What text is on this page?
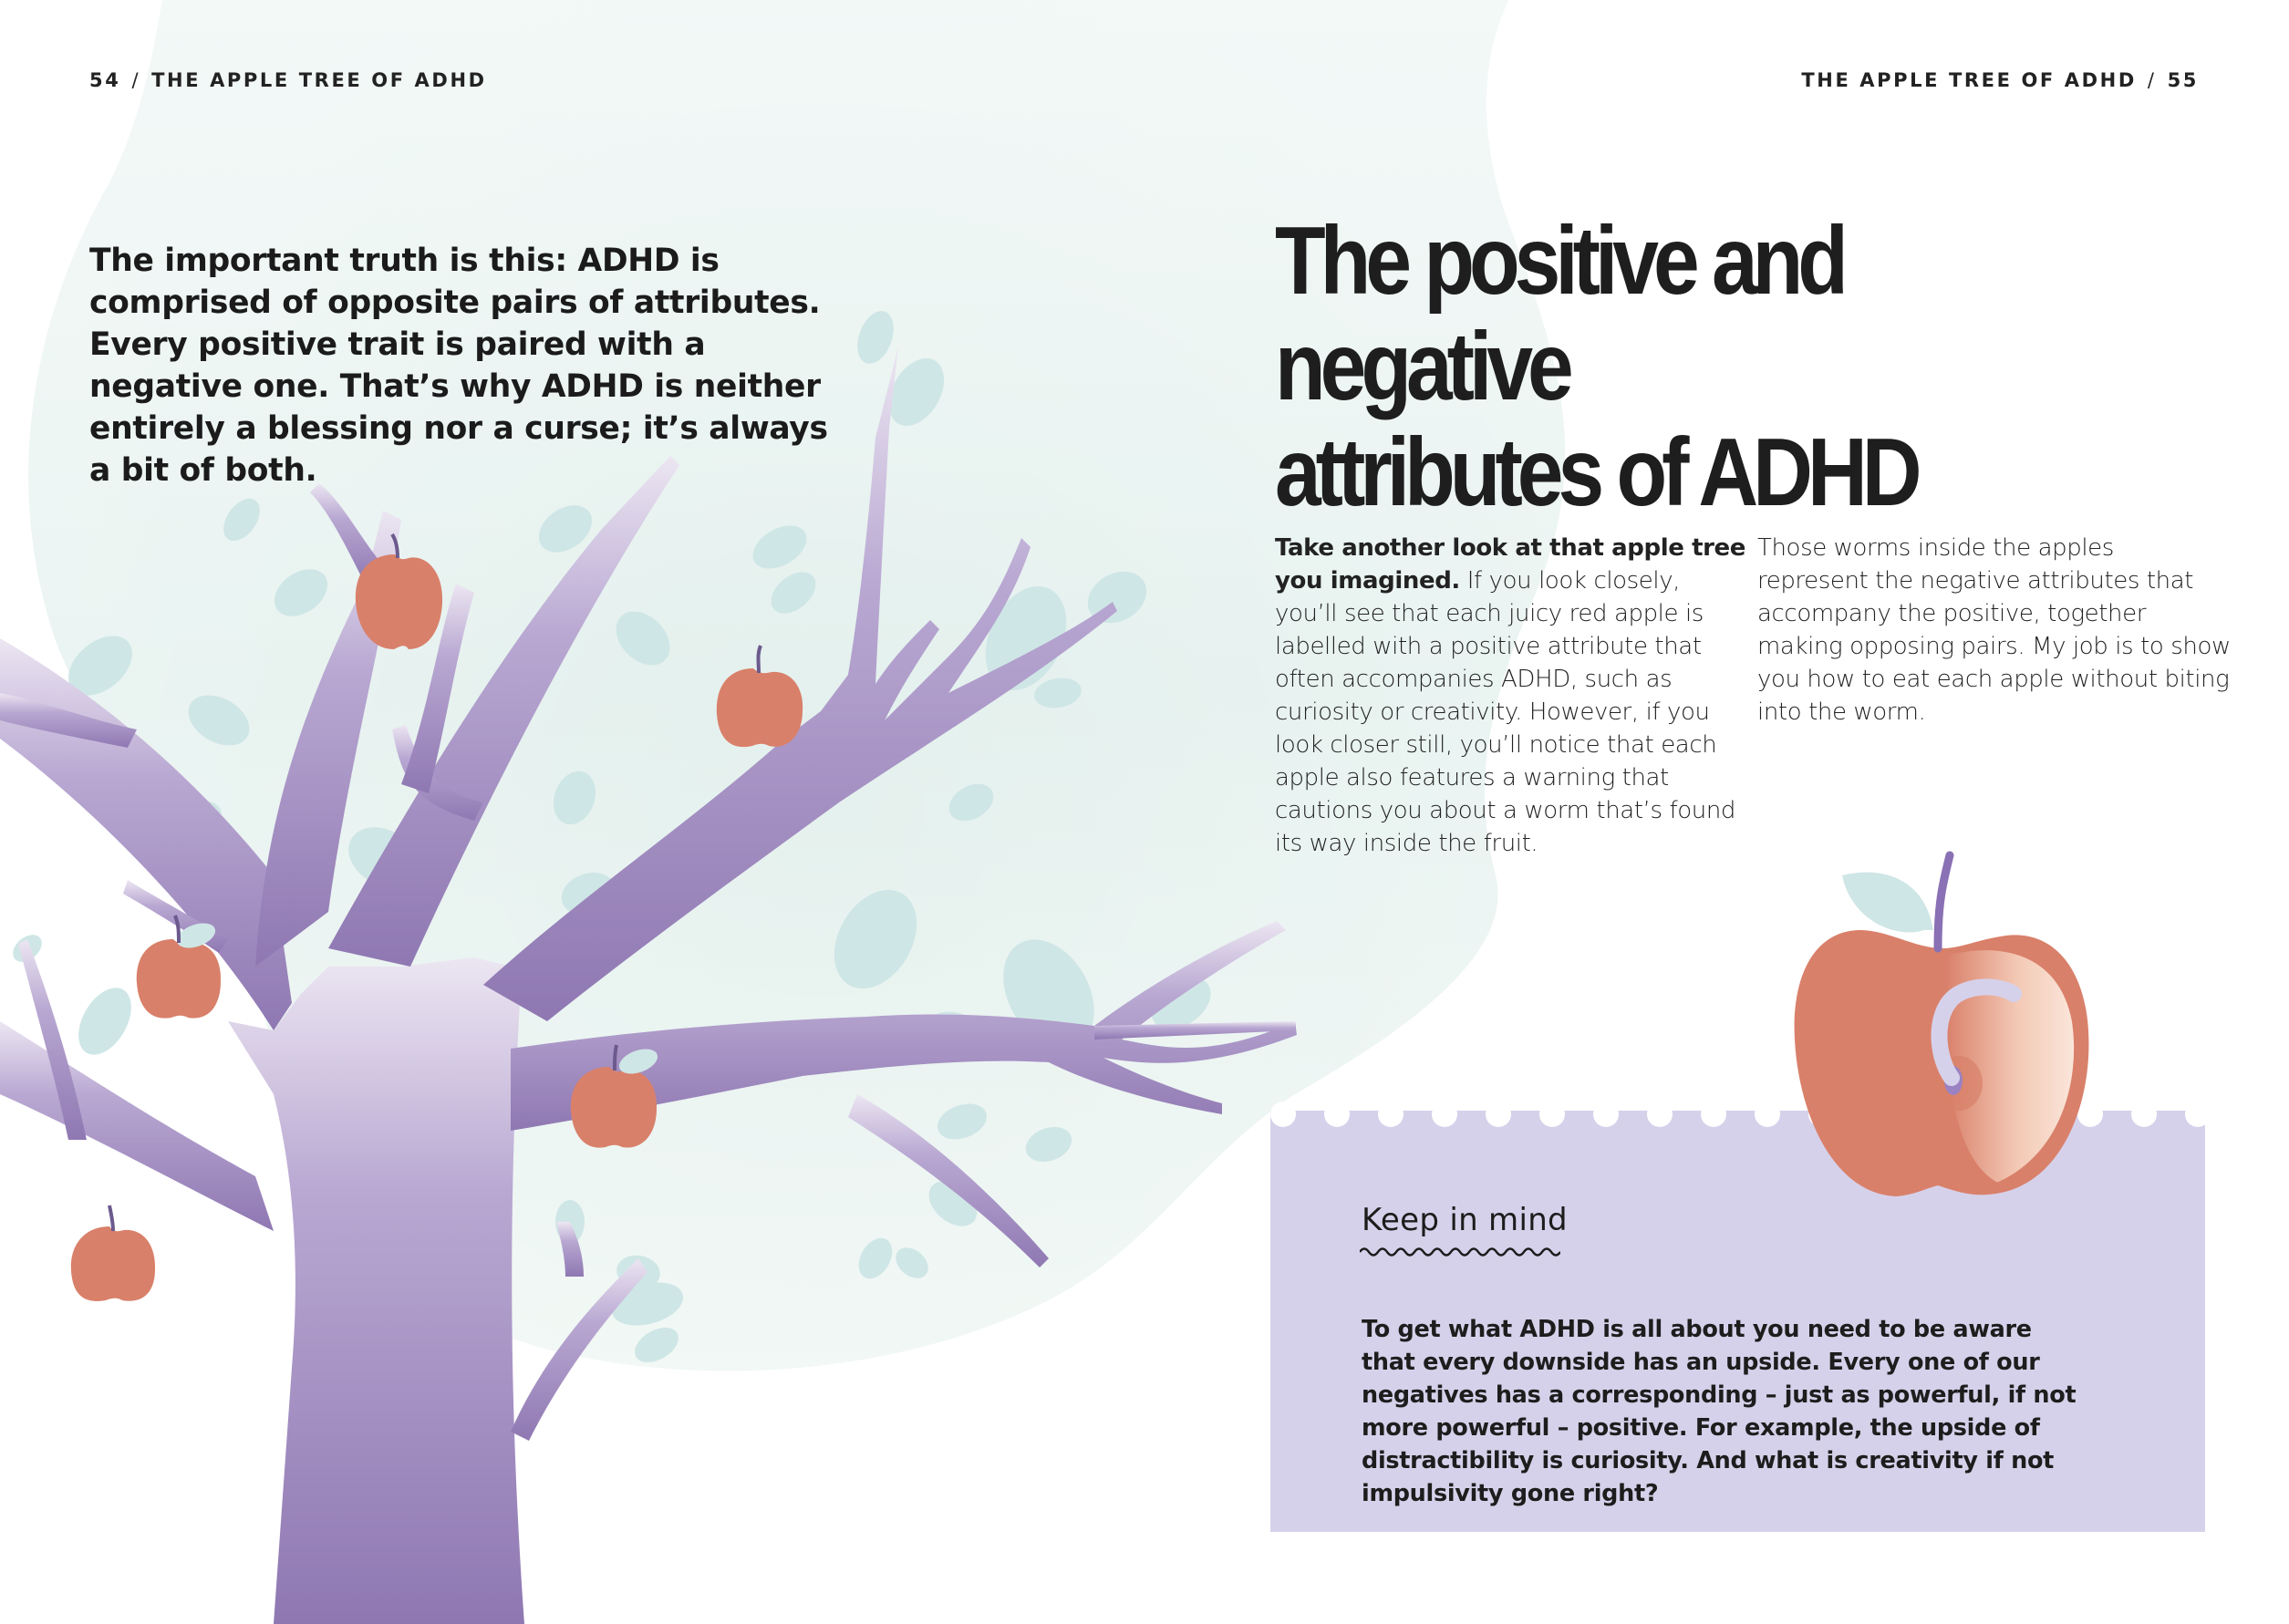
54 / THE APPLE TREE OF ADHD	THE APPLE TREE OF ADHD / 55

The important truth is this: ADHD is comprised of opposite pairs of attributes. Every positive trait is paired with a negative one. That’s why ADHD is neither entirely a blessing nor a curse; it’s always a bit of both.

The positive and negative
attributes of ADHD
Take another look at that apple tree you imagined. If you look closely, you’ll see that each juicy red apple is labelled with a positive attribute that often accompanies ADHD, such as curiosity or creativity. However, if you look closer still, you’ll notice that each apple also features a warning that cautions you about a worm that’s found its way inside the fruit.
Those worms inside the apples represent the negative attributes that accompany the positive, together making opposing pairs. My job is to show you how to eat each apple without biting into the worm.
Keep in mind

To get what ADHD is all about you need to be aware that every downside has an upside. Every one of our negatives has a corresponding – just as powerful, if not more powerful – positive. For example, the upside of distractibility is curiosity. And what is creativity if not impulsivity gone right?
